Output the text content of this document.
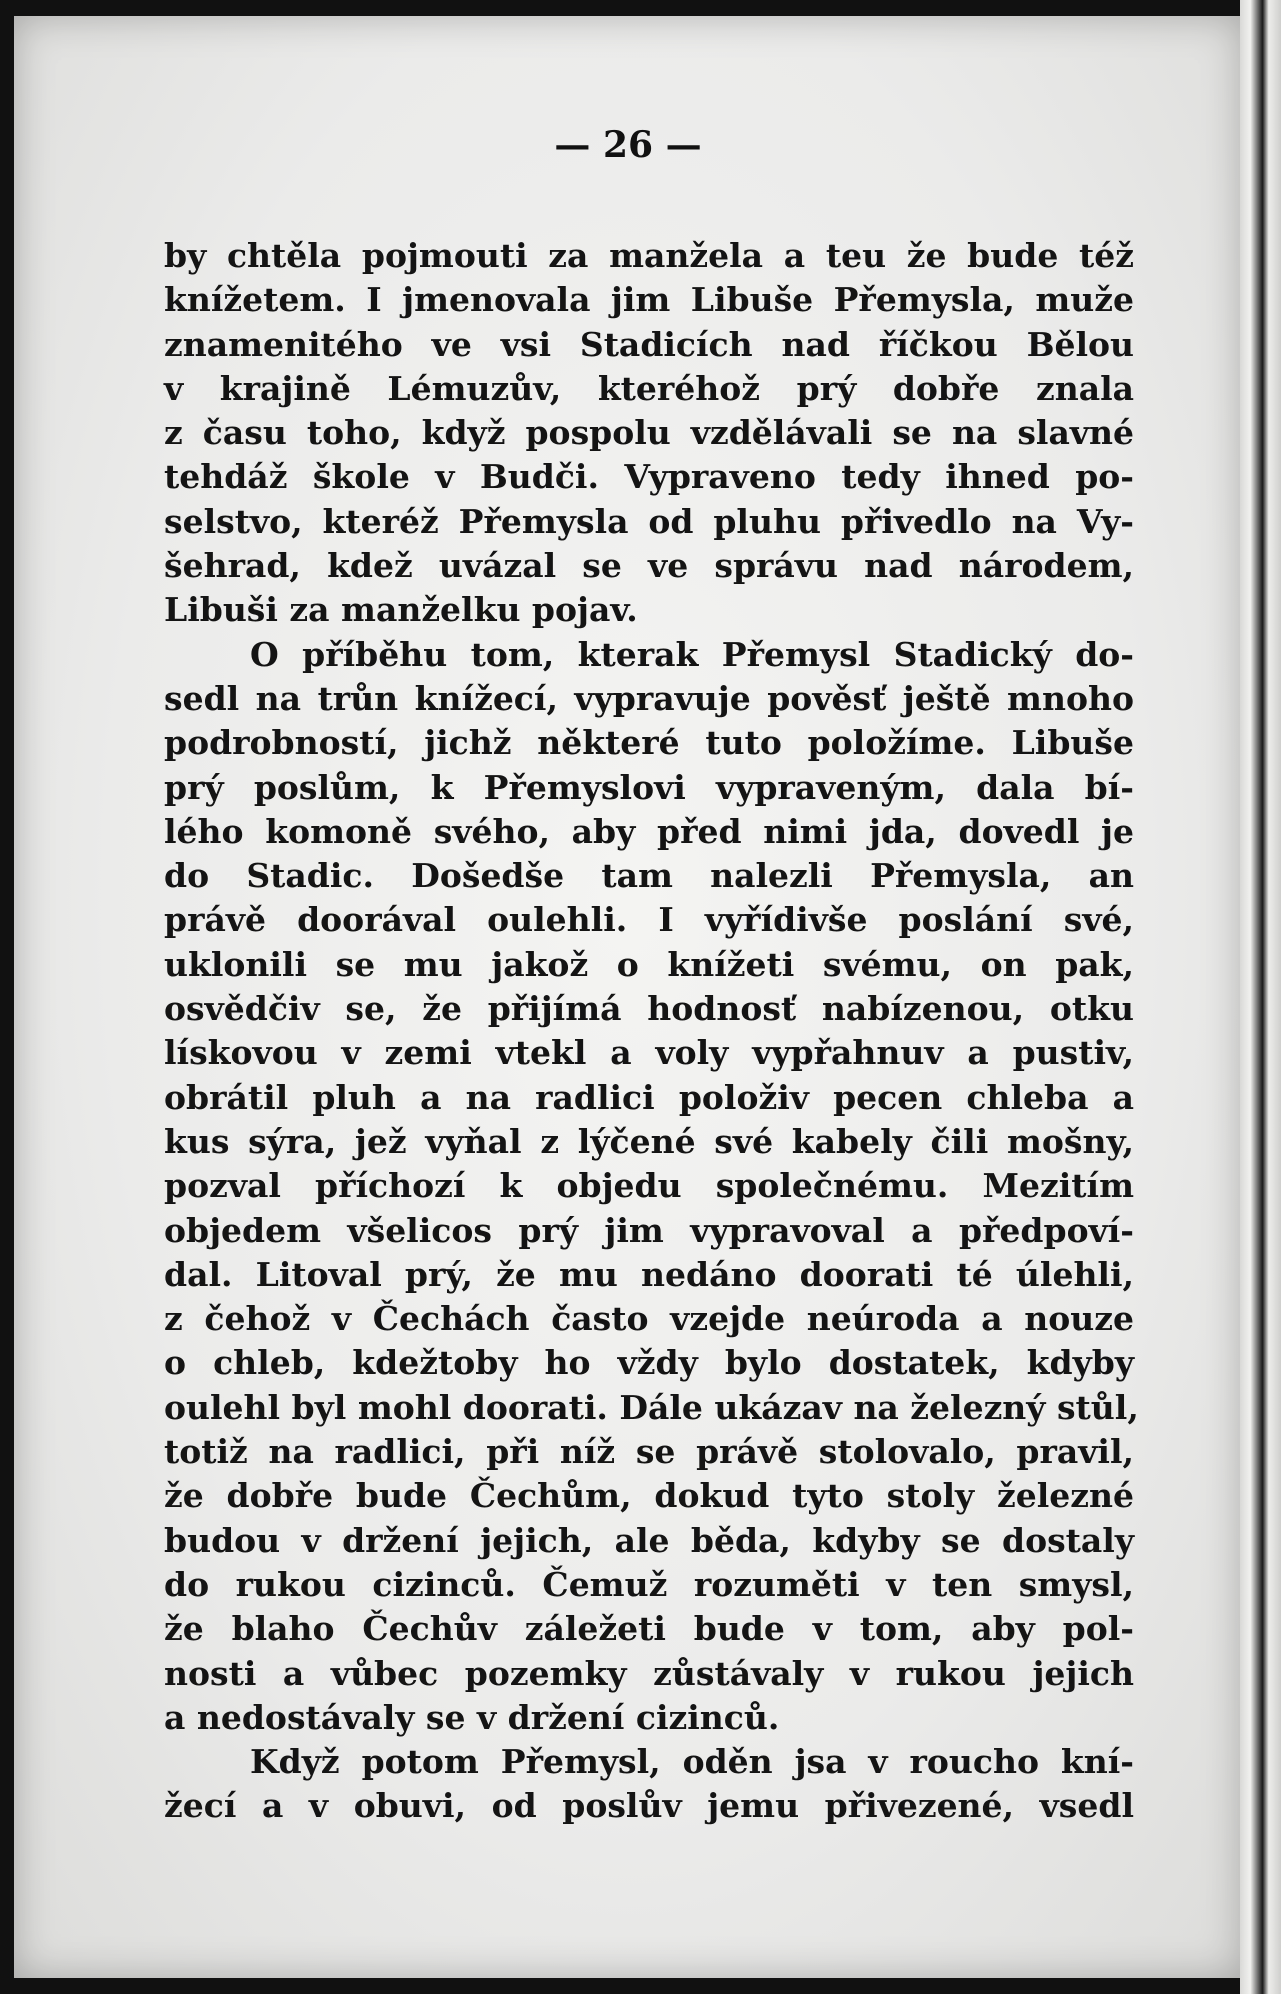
— 26 —
by chtěla pojmouti za manžela a teu že bude též
knížetem. I jmenovala jim Libuše Přemysla, muže
znamenitého ve vsi Stadicích nad říčkou Bělou
v krajině Lémuzův, kteréhož prý dobře znala
z času toho, když pospolu vzdělávali se na slavné
tehdáž škole v Budči. Vypraveno tedy ihned po-
selstvo, kteréž Přemysla od pluhu přivedlo na Vy-
šehrad, kdež uvázal se ve správu nad národem,
Libuši za manželku pojav.
O příběhu tom, kterak Přemysl Stadický do-
sedl na trůn knížecí, vypravuje pověsť ještě mnoho
podrobností, jichž některé tuto položíme. Libuše
prý poslům, k Přemyslovi vypraveným, dala bí-
lého komoně svého, aby před nimi jda, dovedl je
do Stadic. Došedše tam nalezli Přemysla, an
právě doorával oulehli. I vyřídivše poslání své,
uklonili se mu jakož o knížeti svému, on pak,
osvědčiv se, že přijímá hodnosť nabízenou, otku
lískovou v zemi vtekl a voly vypřahnuv a pustiv,
obrátil pluh a na radlici položiv pecen chleba a
kus sýra, jež vyňal z lýčené své kabely čili mošny,
pozval příchozí k objedu společnému. Mezitím
objedem všelicos prý jim vypravoval a předpoví-
dal. Litoval prý, že mu nedáno doorati té úlehli,
z čehož v Čechách často vzejde neúroda a nouze
o chleb, kdežtoby ho vždy bylo dostatek, kdyby
oulehl byl mohl doorati. Dále ukázav na železný stůl,
totiž na radlici, při níž se právě stolovalo, pravil,
že dobře bude Čechům, dokud tyto stoly železné
budou v držení jejich, ale běda, kdyby se dostaly
do rukou cizinců. Čemuž rozuměti v ten smysl,
že blaho Čechův záležeti bude v tom, aby pol-
nosti a vůbec pozemky zůstávaly v rukou jejich
a nedostávaly se v držení cizinců.
Když potom Přemysl, oděn jsa v roucho kní-
žecí a v obuvi, od poslův jemu přivezené, vsedl
